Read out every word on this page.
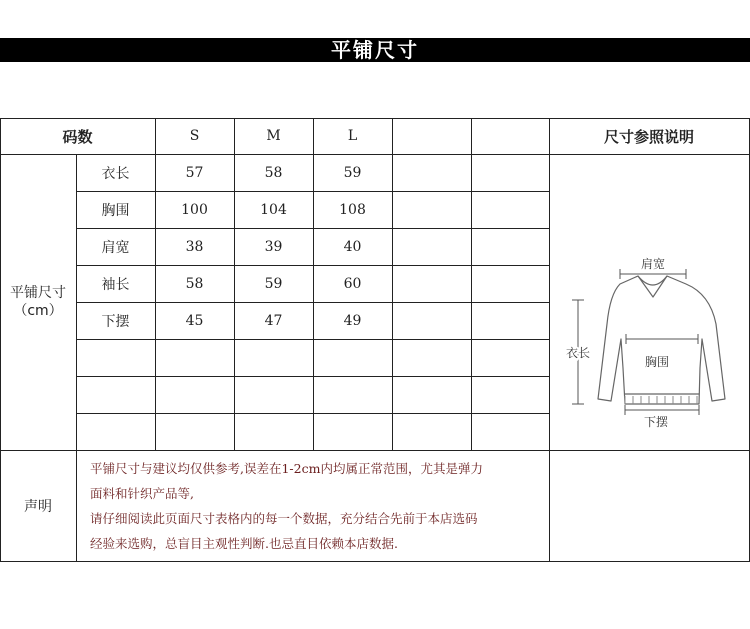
平铺尺寸
码数	S	M	L	尺寸参照说明
平铺尺寸
（cm）
衣长	57	58	59
胸围	100	104	108
肩宽	38	39	40
袖长	58	59	60
下摆	45	47	49
声明
平铺尺寸与建议均仅供参考,误差在1-2cm内均属正常范围，尤其是弹力
面料和针织产品等,
请仔细阅读此页面尺寸表格内的每一个数据，充分结合先前于本店选码
经验来选购，总盲目主观性判断.也忌直目依赖本店数据.
肩宽
衣长
胸围
下摆
